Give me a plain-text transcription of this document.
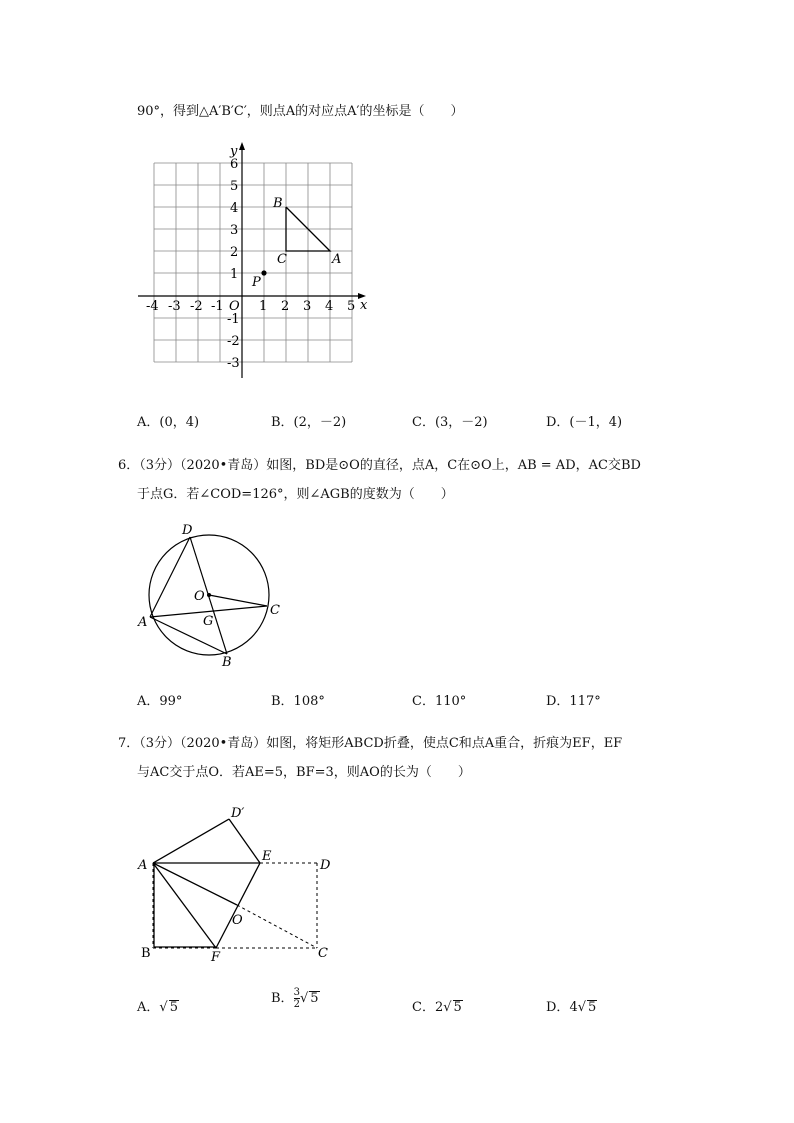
90°，得到△A′B′C′，则点A的对应点A′的坐标是（　　）
y
x
O
6
5
4
3
2
1
-1
-2
-3
-4 -3 -2 -1	1 2 3 4 5
B
C	A
P
A．(0，4)	B．(2，－2)	C．(3，－2)	D．(－1，4)
6．（3分）（2020•青岛）如图，BD是⊙O的直径，点A，C在⊙O上，AB = AD，AC交BD
于点G．若∠COD=126°，则∠AGB的度数为（　　）
D
O
C
A	G
B
A．99°	B．108°	C．110°	D．117°
7．（3分）（2020•青岛）如图，将矩形ABCD折叠，使点C和点A重合，折痕为EF，EF
与AC交于点O．若AE=5，BF=3，则AO的长为（　　）
D′
A
E
D
O
B	F	C
A．√ 5
B． $\frac{3}{2}$ √ 5
C．2√ 5	D．4√ 5
